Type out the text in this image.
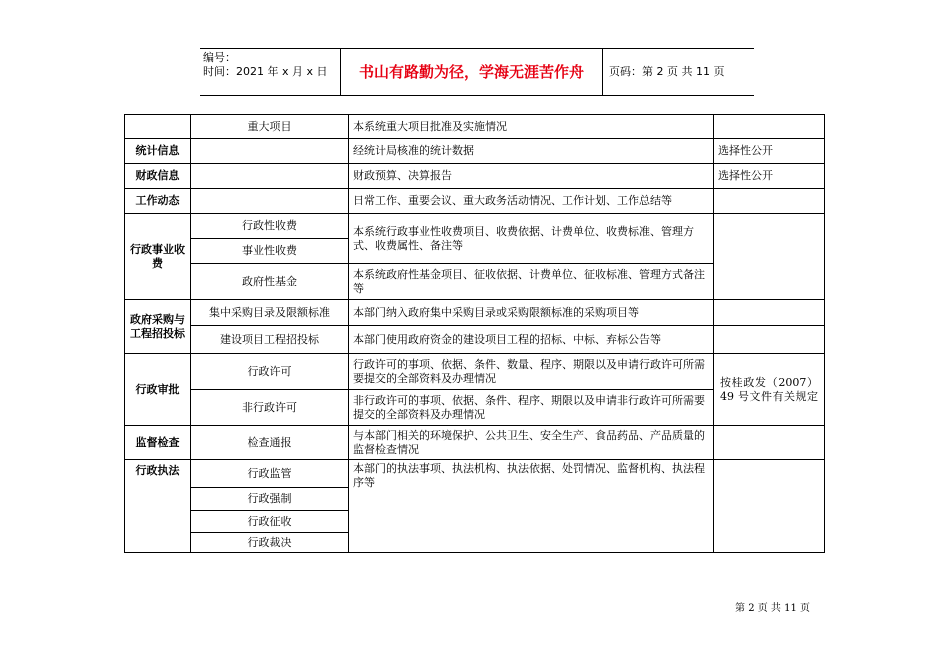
编号：
时间：2021 年 x 月 x 日	书山有路勤为径，学海无涯苦作舟	页码：第 2 页 共 11 页
	重大项目	本系统重大项目批准及实施情况	
统计信息		经统计局核准的统计数据	选择性公开
财政信息		财政预算、决算报告	选择性公开
工作动态		日常工作、重要会议、重大政务活动情况、工作计划、工作总结等	
行政事业收费	行政性收费	本系统行政事业性收费项目、收费依据、计费单位、收费标准、管理方式、收费属性、备注等	
	事业性收费		
	政府性基金	本系统政府性基金项目、征收依据、计费单位、征收标准、管理方式备注等	
政府采购与工程招投标	集中采购目录及限额标准	本部门纳入政府集中采购目录或采购限额标准的采购项目等	
	建设项目工程招投标	本部门使用政府资金的建设项目工程的招标、中标、弃标公告等	
行政审批	行政许可	行政许可的事项、依据、条件、数量、程序、期限以及申请行政许可所需要提交的全部资料及办理情况	按桂政发（2007）49 号文件有关规定
	非行政许可	非行政许可的事项、依据、条件、程序、期限以及申请非行政许可所需要提交的全部资料及办理情况	
监督检查	检查通报	与本部门相关的环境保护、公共卫生、安全生产、食品药品、产品质量的监督检查情况	
行政执法	行政监管	本部门的执法事项、执法机构、执法依据、处罚情况、监督机构、执法程序等	
	行政强制		
	行政征收		
	行政裁决		
第 2 页 共 11 页
